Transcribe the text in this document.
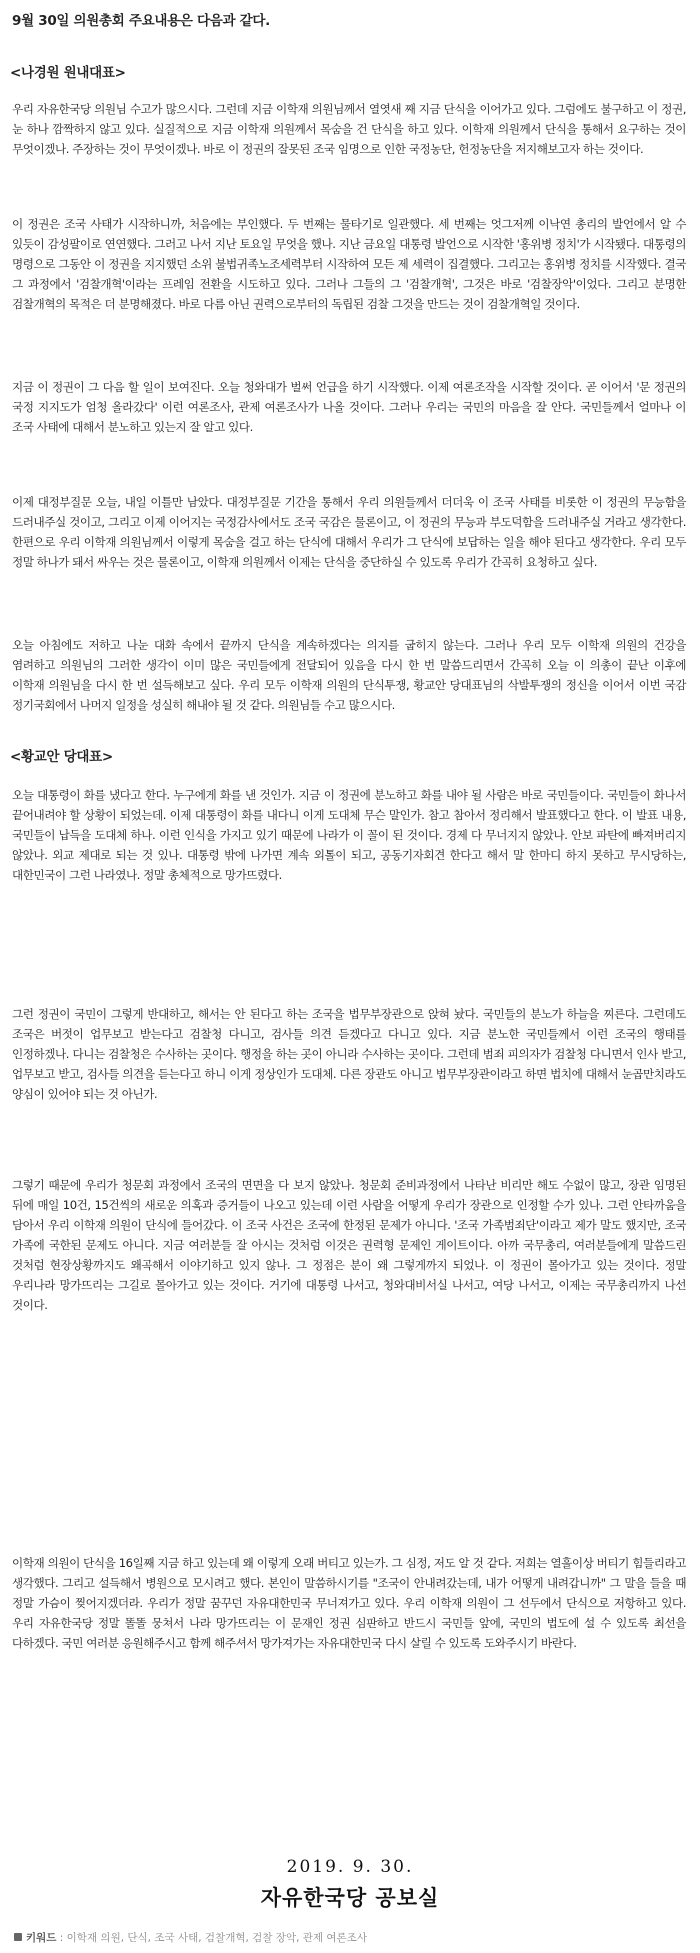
9월 30일 의원총회 주요내용은 다음과 같다.

<나경원 원내대표>

우리 자유한국당 의원님 수고가 많으시다. 그런데 지금 이학재 의원님께서 열엿새 째 지금 단식을 이어가고 있다. 그럼에도 불구하고 이 정권, 눈 하나 깜짝하지 않고 있다. 실질적으로 지금 이학재 의원께서 목숨을 건 단식을 하고 있다. 이학재 의원께서 단식을 통해서 요구하는 것이 무엇이겠나. 주장하는 것이 무엇이겠나. 바로 이 정권의 잘못된 조국 임명으로 인한 국정농단, 헌정농단을 저지해보고자 하는 것이다.

이 정권은 조국 사태가 시작하니까, 처음에는 부인했다. 두 번째는 물타기로 일관했다. 세 번째는 엇그저께 이낙연 총리의 발언에서 알 수 있듯이 감성팔이로 연연했다. 그러고 나서 지난 토요일 무엇을 했나. 지난 금요일 대통령 발언으로 시작한 '홍위병 정치'가 시작됐다. 대통령의 명령으로 그동안 이 정권을 지지했던 소위 불법귀족노조세력부터 시작하여 모든 제 세력이 집결했다. 그리고는 홍위병 정치를 시작했다. 결국 그 과정에서 '검찰개혁'이라는 프레임 전환을 시도하고 있다. 그러나 그들의 그 '검찰개혁', 그것은 바로 '검찰장악'이었다. 그리고 분명한 검찰개혁의 목적은 더 분명해졌다. 바로 다름 아닌 권력으로부터의 독립된 검찰 그것을 만드는 것이 검찰개혁일 것이다.

지금 이 정권이 그 다음 할 일이 보여진다. 오늘 청와대가 벌써 언급을 하기 시작했다. 이제 여론조작을 시작할 것이다. 곧 이어서 '문 정권의 국정 지지도가 엄청 올라갔다' 이런 여론조사, 관제 여론조사가 나올 것이다. 그러나 우리는 국민의 마음을 잘 안다. 국민들께서 얼마나 이 조국 사태에 대해서 분노하고 있는지 잘 알고 있다.

이제 대정부질문 오늘, 내일 이틀만 남았다. 대정부질문 기간을 통해서 우리 의원들께서 더더욱 이 조국 사태를 비롯한 이 정권의 무능함을 드러내주실 것이고, 그리고 이제 이어지는 국정감사에서도 조국 국감은 물론이고, 이 정권의 무능과 부도덕함을 드러내주실 거라고 생각한다. 한편으로 우리 이학재 의원님께서 이렇게 목숨을 걸고 하는 단식에 대해서 우리가 그 단식에 보답하는 일을 해야 된다고 생각한다. 우리 모두 정말 하나가 돼서 싸우는 것은 물론이고, 이학재 의원께서 이제는 단식을 중단하실 수 있도록 우리가 간곡히 요청하고 싶다.

오늘 아침에도 저하고 나눈 대화 속에서 끝까지 단식을 계속하겠다는 의지를 굽히지 않는다. 그러나 우리 모두 이학재 의원의 건강을 염려하고 의원님의 그러한 생각이 이미 많은 국민들에게 전달되어 있음을 다시 한 번 말씀드리면서 간곡히 오늘 이 의총이 끝난 이후에 이학재 의원님을 다시 한 번 설득해보고 싶다. 우리 모두 이학재 의원의 단식투쟁, 황교안 당대표님의 삭발투쟁의 정신을 이어서 이번 국감 정기국회에서 나머지 일정을 성실히 해내야 될 것 같다. 의원님들 수고 많으시다.

<황교안 당대표>

오늘 대통령이 화를 냈다고 한다. 누구에게 화를 낸 것인가. 지금 이 정권에 분노하고 화를 내야 될 사람은 바로 국민들이다. 국민들이 화나서 끝어내려야 할 상황이 되었는데. 이제 대통령이 화를 내다니 이게 도대체 무슨 말인가. 참고 참아서 정리해서 발표했다고 한다. 이 발표 내용, 국민들이 납득을 도대체 하나. 이런 인식을 가지고 있기 때문에 나라가 이 꼴이 된 것이다. 경제 다 무너지지 않았나. 안보 파탄에 빠져버리지 않았나. 외교 제대로 되는 것 있나. 대통령 밖에 나가면 계속 외톨이 되고, 공동기자회견 한다고 해서 말 한마디 하지 못하고 무시당하는, 대한민국이 그런 나라였나. 정말 총체적으로 망가뜨렸다.

그런 정권이 국민이 그렇게 반대하고, 해서는 안 된다고 하는 조국을 법무부장관으로 앉혀 놨다. 국민들의 분노가 하늘을 찌른다. 그런데도 조국은 버젓이 업무보고 받는다고 검찰청 다니고, 검사들 의견 듣겠다고 다니고 있다. 지금 분노한 국민들께서 이런 조국의 행태를 인정하겠나. 다니는 검찰청은 수사하는 곳이다. 행정을 하는 곳이 아니라 수사하는 곳이다. 그런데 범죄 피의자가 검찰청 다니면서 인사 받고, 업무보고 받고, 검사들 의견을 듣는다고 하니 이게 정상인가 도대체. 다른 장관도 아니고 법무부장관이라고 하면 법치에 대해서 눈곱만치라도 양심이 있어야 되는 것 아닌가.

그렇기 때문에 우리가 청문회 과정에서 조국의 면면을 다 보지 않았나. 청문회 준비과정에서 나타난 비리만 해도 수없이 많고, 장관 임명된 뒤에 매일 10건, 15건씩의 새로운 의혹과 증거들이 나오고 있는데 이런 사람을 어떻게 우리가 장관으로 인정할 수가 있나. 그런 안타까움을 담아서 우리 이학재 의원이 단식에 들어갔다. 이 조국 사건은 조국에 한정된 문제가 아니다. '조국 가족범죄단'이라고 제가 말도 했지만, 조국 가족에 국한된 문제도 아니다. 지금 여러분들 잘 아시는 것처럼 이것은 권력형 문제인 게이트이다. 아까 국무총리, 여러분들에게 말씀드린 것처럼 현장상황까지도 왜곡해서 이야기하고 있지 않나. 그 정점은 분이 왜 그렇게까지 되었나. 이 정권이 몰아가고 있는 것이다. 정말 우리나라 망가뜨리는 그길로 몰아가고 있는 것이다. 거기에 대통령 나서고, 청와대비서실 나서고, 여당 나서고, 이제는 국무총리까지 나선 것이다.

이학재 의원이 단식을 16일째 지금 하고 있는데 왜 이렇게 오래 버티고 있는가. 그 심정, 저도 알 것 같다. 저희는 열흘이상 버티기 힘들리라고 생각했다. 그리고 설득해서 병원으로 모시려고 했다. 본인이 말씀하시기를 "조국이 안내려갔는데, 내가 어떻게 내려갑니까" 그 말을 들을 때 정말 가슴이 찢어지겠더라. 우리가 정말 꿈꾸던 자유대한민국 무너져가고 있다. 우리 이학재 의원이 그 선두에서 단식으로 저항하고 있다. 우리 자유한국당 정말 똘똘 뭉쳐서 나라 망가뜨리는 이 문재인 정권 심판하고 반드시 국민들 앞에, 국민의 법도에 설 수 있도록 최선을 다하겠다. 국민 여러분 응원해주시고 함께 해주셔서 망가져가는 자유대한민국 다시 살릴 수 있도록 도와주시기 바란다.

2019. 9. 30.
자유한국당 공보실
키워드 : 이학재 의원, 단식, 조국 사태, 검찰개혁, 검찰 장악, 관제 여론조사
